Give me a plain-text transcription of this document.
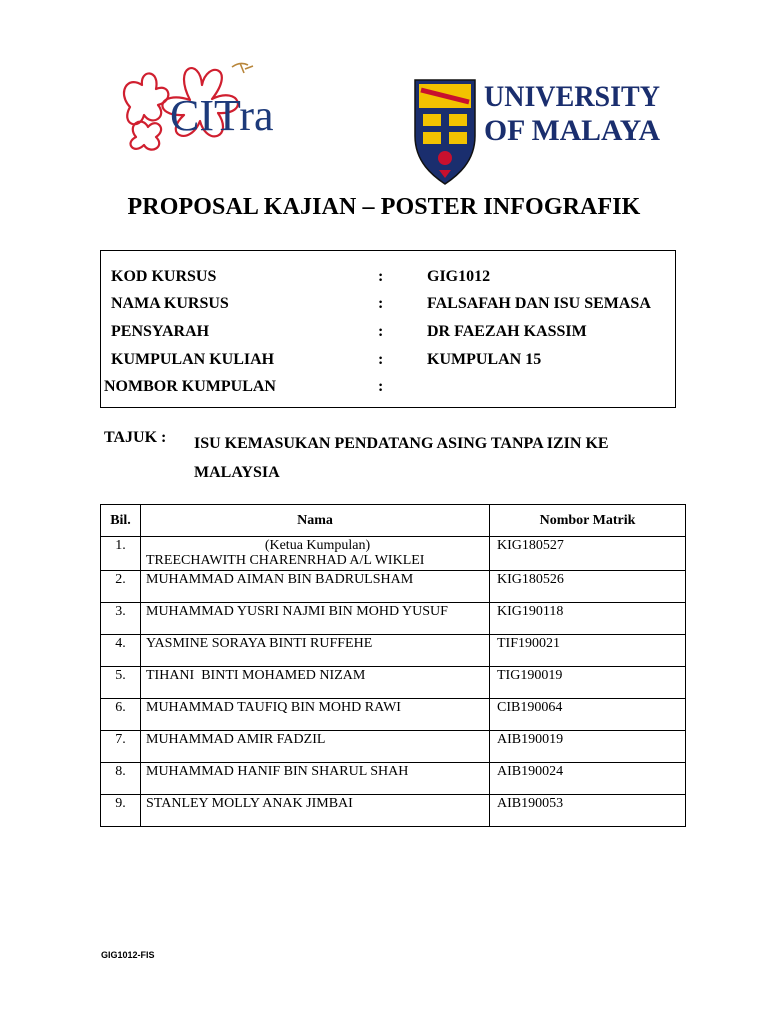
CITra	UNIVERSITY
OF MALAYA
PROPOSAL KAJIAN – POSTER INFOGRAFIK
KOD KURSUS	:	GIG1012
NAMA KURSUS	:	FALSAFAH DAN ISU SEMASA
PENSYARAH	:	DR FAEZAH KASSIM
KUMPULAN KULIAH	:	KUMPULAN 15
NOMBOR KUMPULAN	:
TAJUK : ISU KEMASUKAN PENDATANG ASING TANPA IZIN KE
MALAYSIA
Bil.	Nama	Nombor Matrik
1.	(Ketua Kumpulan)
TREECHAWITH CHARENRHAD A/L WIKLEI	KIG180527
2.	MUHAMMAD AIMAN BIN BADRULSHAM	KIG180526
3.	MUHAMMAD YUSRI NAJMI BIN MOHD YUSUF	KIG190118
4.	YASMINE SORAYA BINTI RUFFEHE	TIF190021
5.	TIHANI  BINTI MOHAMED NIZAM	TIG190019
6.	MUHAMMAD TAUFIQ BIN MOHD RAWI	CIB190064
7.	MUHAMMAD AMIR FADZIL	AIB190019
8.	MUHAMMAD HANIF BIN SHARUL SHAH	AIB190024
9.	STANLEY MOLLY ANAK JIMBAI	AIB190053
GIG1012-FIS
